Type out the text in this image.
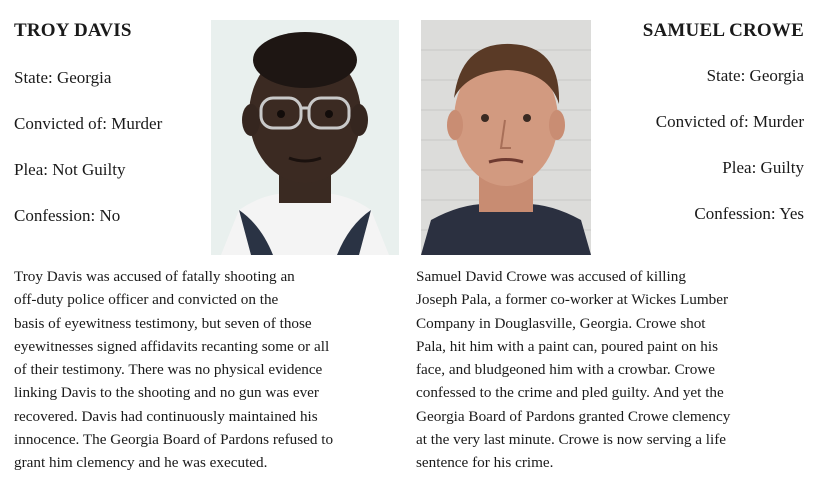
TROY DAVIS
State: Georgia
Convicted of: Murder
Plea: Not Guilty
Confession: No
SAMUEL CROWE
State: Georgia
Convicted of: Murder
Plea: Guilty
Confession: Yes
Troy Davis was accused of fatally shooting an
off-duty police officer and convicted on the
basis of eyewitness testimony, but seven of those
eyewitnesses signed affidavits recanting some or all
of their testimony. There was no physical evidence
linking Davis to the shooting and no gun was ever
recovered. Davis had continuously maintained his
innocence. The Georgia Board of Pardons refused to
grant him clemency and he was executed.
Samuel David Crowe was accused of killing
Joseph Pala, a former co-worker at Wickes Lumber
Company in Douglasville, Georgia. Crowe shot
Pala, hit him with a paint can, poured paint on his
face, and bludgeoned him with a crowbar. Crowe
confessed to the crime and pled guilty. And yet the
Georgia Board of Pardons granted Crowe clemency
at the very last minute. Crowe is now serving a life
sentence for his crime.
